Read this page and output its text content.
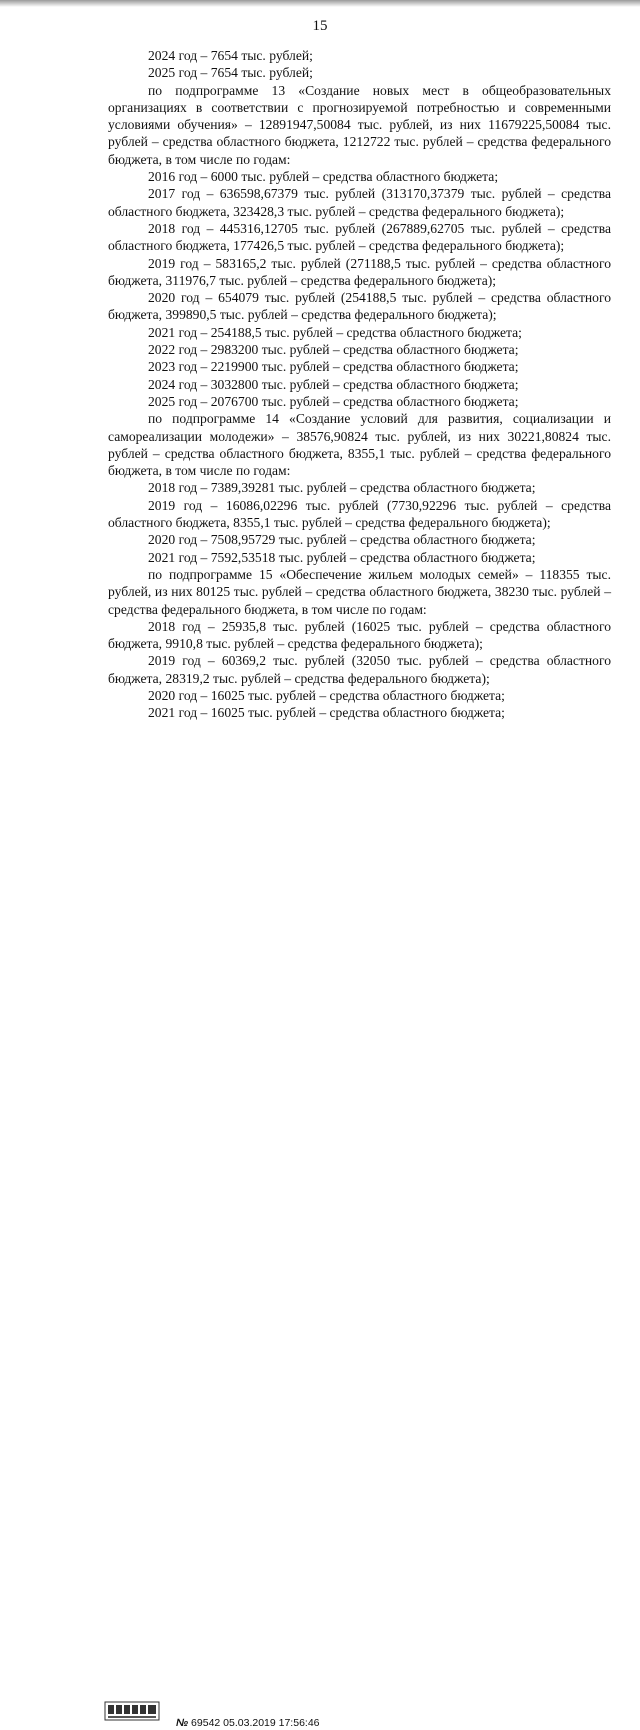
15

2024 год – 7654 тыс. рублей;

2025 год – 7654 тыс. рублей;

по подпрограмме 13 «Создание новых мест в общеобразовательных организациях в соответствии с прогнозируемой потребностью и современными условиями обучения» – 12891947,50084 тыс. рублей, из них 11679225,50084 тыс. рублей – средства областного бюджета, 1212722 тыс. рублей – средства федерального бюджета, в том числе по годам:

2016 год – 6000 тыс. рублей – средства областного бюджета;

2017 год – 636598,67379 тыс. рублей (313170,37379 тыс. рублей – средства областного бюджета, 323428,3 тыс. рублей – средства федерального бюджета);

2018 год – 445316,12705 тыс. рублей (267889,62705 тыс. рублей – средства областного бюджета, 177426,5 тыс. рублей – средства федерального бюджета);

2019 год – 583165,2 тыс. рублей (271188,5 тыс. рублей – средства областного бюджета, 311976,7 тыс. рублей – средства федерального бюджета);

2020 год – 654079 тыс. рублей (254188,5 тыс. рублей – средства областного бюджета, 399890,5 тыс. рублей – средства федерального бюджета);

2021 год – 254188,5 тыс. рублей – средства областного бюджета;

2022 год – 2983200 тыс. рублей – средства областного бюджета;

2023 год – 2219900 тыс. рублей – средства областного бюджета;

2024 год – 3032800 тыс. рублей – средства областного бюджета;

2025 год – 2076700 тыс. рублей – средства областного бюджета;

по подпрограмме 14 «Создание условий для развития, социализации и самореализации молодежи» – 38576,90824 тыс. рублей, из них 30221,80824 тыс. рублей – средства областного бюджета, 8355,1 тыс. рублей – средства федерального бюджета, в том числе по годам:

2018 год – 7389,39281 тыс. рублей – средства областного бюджета;

2019 год – 16086,02296 тыс. рублей (7730,92296 тыс. рублей – средства областного бюджета, 8355,1 тыс. рублей – средства федерального бюджета);

2020 год – 7508,95729 тыс. рублей – средства областного бюджета;

2021 год – 7592,53518 тыс. рублей – средства областного бюджета;

по подпрограмме 15 «Обеспечение жильем молодых семей» – 118355 тыс. рублей, из них 80125 тыс. рублей – средства областного бюджета, 38230 тыс. рублей – средства федерального бюджета, в том числе по годам:

2018 год – 25935,8 тыс. рублей (16025 тыс. рублей – средства областного бюджета, 9910,8 тыс. рублей – средства федерального бюджета);

2019 год – 60369,2 тыс. рублей (32050 тыс. рублей – средства областного бюджета, 28319,2 тыс. рублей – средства федерального бюджета);

2020 год – 16025 тыс. рублей – средства областного бюджета;

2021 год – 16025 тыс. рублей – средства областного бюджета;

№ 69542 05.03.2019 17:56:46
